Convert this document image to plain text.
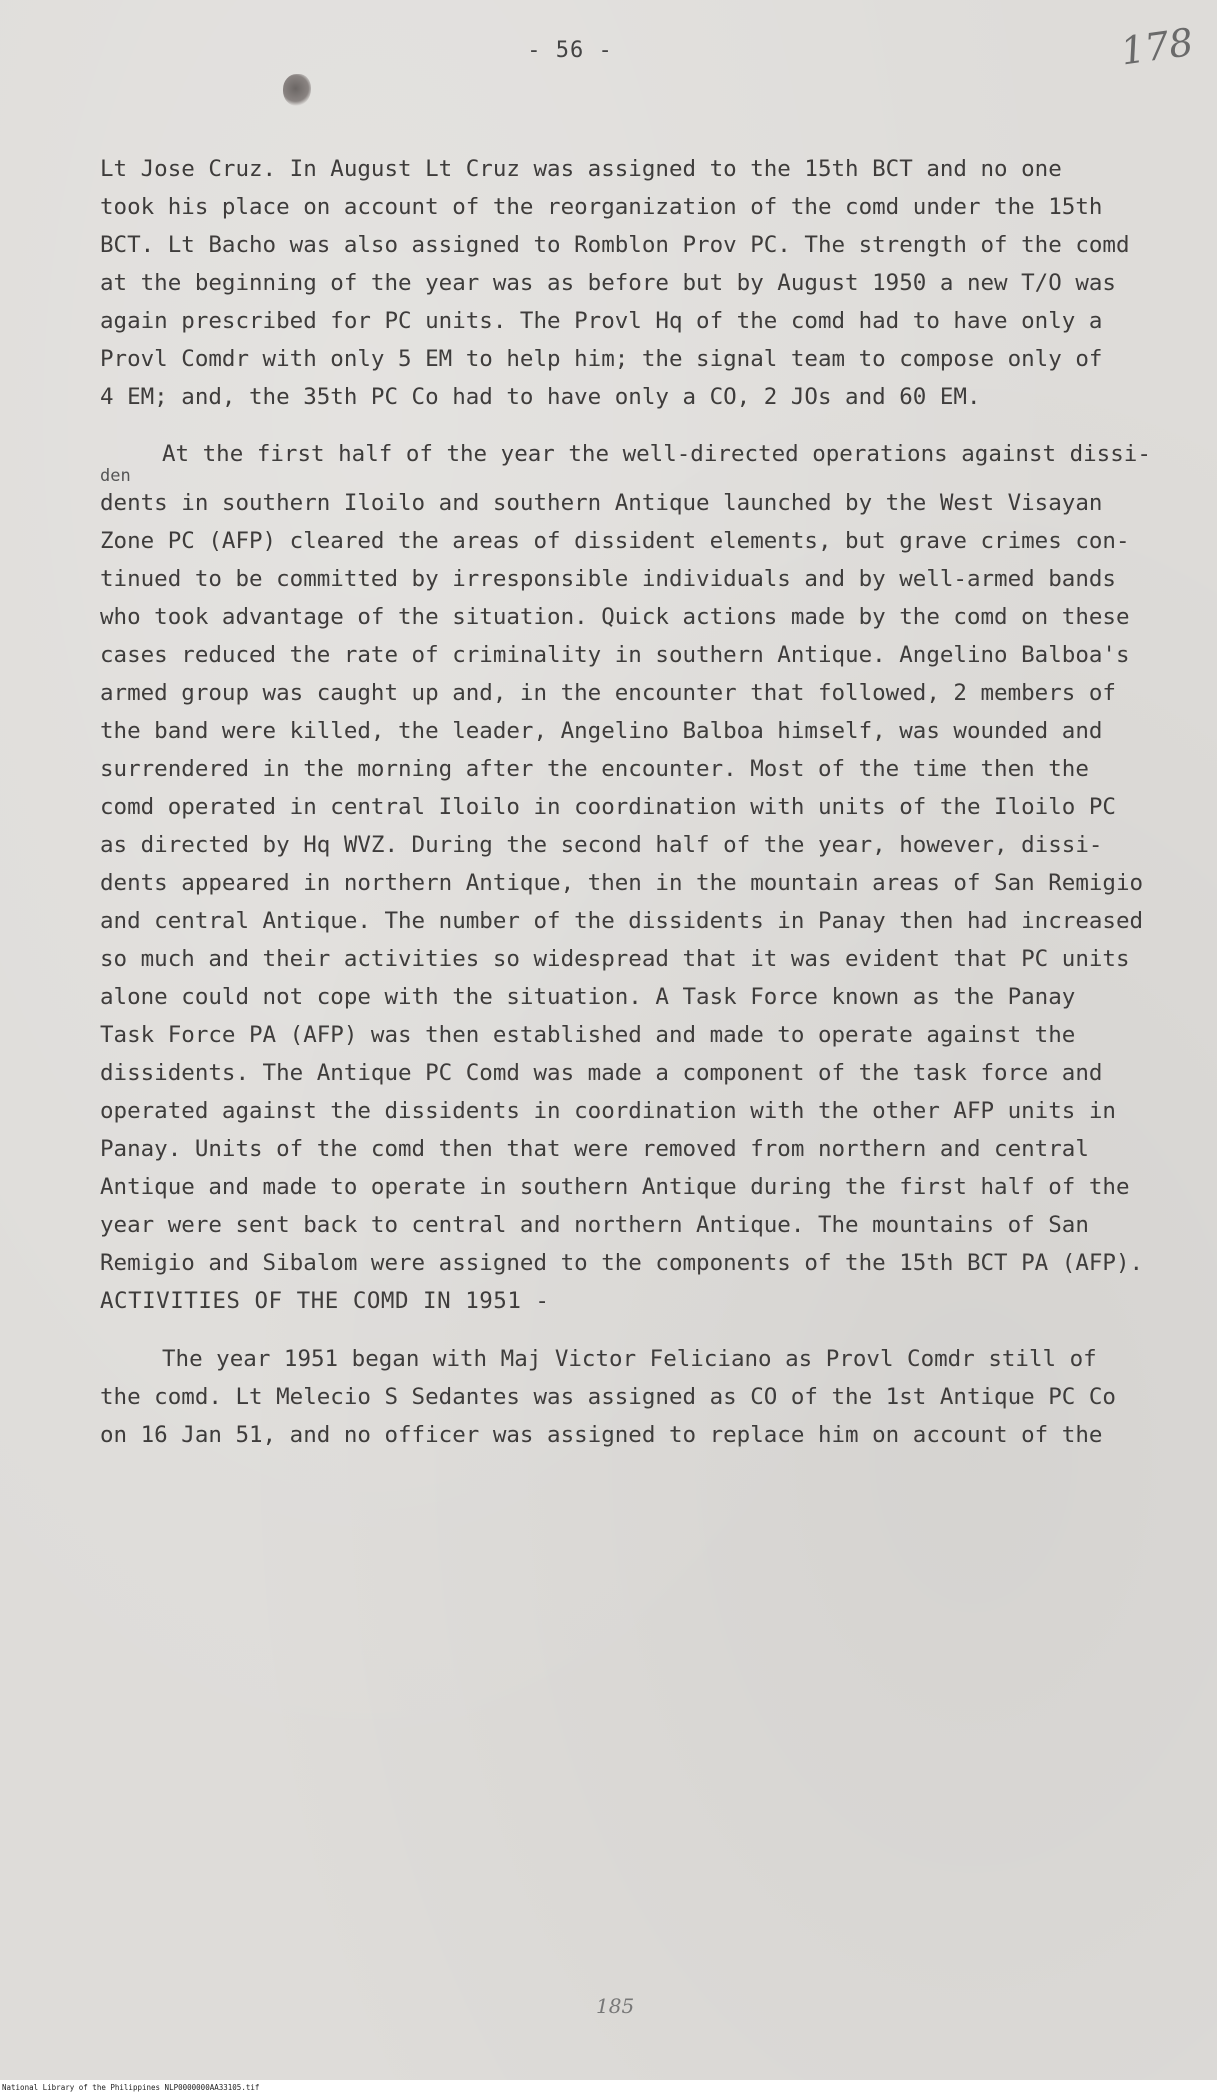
- 56 -	178
Lt Jose Cruz. In August Lt Cruz was assigned to the 15th BCT and no one
took his place on account of the reorganization of the comd under the 15th
BCT. Lt Bacho was also assigned to Romblon Prov PC. The strength of the comd
at the beginning of the year was as before but by August 1950 a new T/O was
again prescribed for PC units. The Provl Hq of the comd had to have only a
Provl Comdr with only 5 EM to help him; the signal team to compose only of
4 EM; and, the 35th PC Co had to have only a CO, 2 JOs and 60 EM.
At the first half of the year the well-directed operations against dissi-
den
dents in southern Iloilo and southern Antique launched by the West Visayan
Zone PC (AFP) cleared the areas of dissident elements, but grave crimes con-
tinued to be committed by irresponsible individuals and by well-armed bands
who took advantage of the situation. Quick actions made by the comd on these
cases reduced the rate of criminality in southern Antique. Angelino Balboa's
armed group was caught up and, in the encounter that followed, 2 members of
the band were killed, the leader, Angelino Balboa himself, was wounded and
surrendered in the morning after the encounter. Most of the time then the
comd operated in central Iloilo in coordination with units of the Iloilo PC
as directed by Hq WVZ. During the second half of the year, however, dissi-
dents appeared in northern Antique, then in the mountain areas of San Remigio
and central Antique. The number of the dissidents in Panay then had increased
so much and their activities so widespread that it was evident that PC units
alone could not cope with the situation. A Task Force known as the Panay
Task Force PA (AFP) was then established and made to operate against the
dissidents. The Antique PC Comd was made a component of the task force and
operated against the dissidents in coordination with the other AFP units in
Panay. Units of the comd then that were removed from northern and central
Antique and made to operate in southern Antique during the first half of the
year were sent back to central and northern Antique. The mountains of San
Remigio and Sibalom were assigned to the components of the 15th BCT PA (AFP).
ACTIVITIES OF THE COMD IN 1951 -
The year 1951 began with Maj Victor Feliciano as Provl Comdr still of
the comd. Lt Melecio S Sedantes was assigned as CO of the 1st Antique PC Co
on 16 Jan 51, and no officer was assigned to replace him on account of the
185
National Library of the Philippines NLP0000000AA33105.tif
